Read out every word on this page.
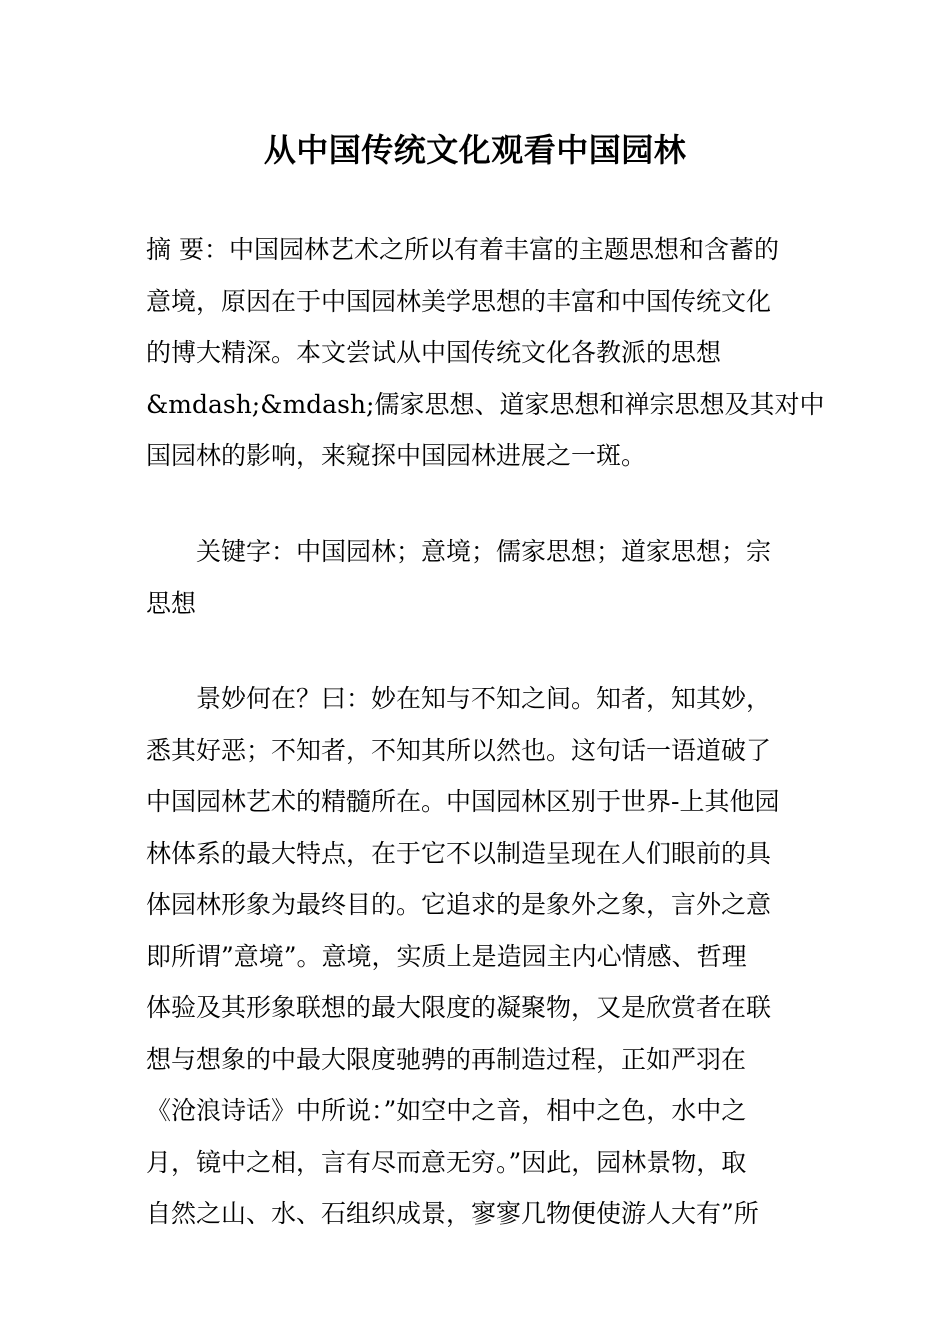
从中国传统文化观看中国园林
摘 要：中国园林艺术之所以有着丰富的主题思想和含蓄的
意境，原因在于中国园林美学思想的丰富和中国传统文化
的博大精深。本文尝试从中国传统文化各教派的思想
&mdash;&mdash;儒家思想、道家思想和禅宗思想及其对中
国园林的影响，来窥探中国园林进展之一斑。
关键字：中国园林；意境；儒家思想；道家思想；宗
思想
景妙何在？曰：妙在知与不知之间。知者，知其妙，
悉其好恶；不知者，不知其所以然也。这句话一语道破了
中国园林艺术的精髓所在。中国园林区别于世界-上其他园
林体系的最大特点，在于它不以制造呈现在人们眼前的具
体园林形象为最终目的。它追求的是象外之象，言外之意
即所谓”意境”。意境，实质上是造园主内心情感、哲理
体验及其形象联想的最大限度的凝聚物，又是欣赏者在联
想与想象的中最大限度驰骋的再制造过程，正如严羽在
《沧浪诗话》中所说：”如空中之音，相中之色，水中之
月，镜中之相，言有尽而意无穷。”因此，园林景物，取
自然之山、水、石组织成景，寥寥几物便使游人大有”所
